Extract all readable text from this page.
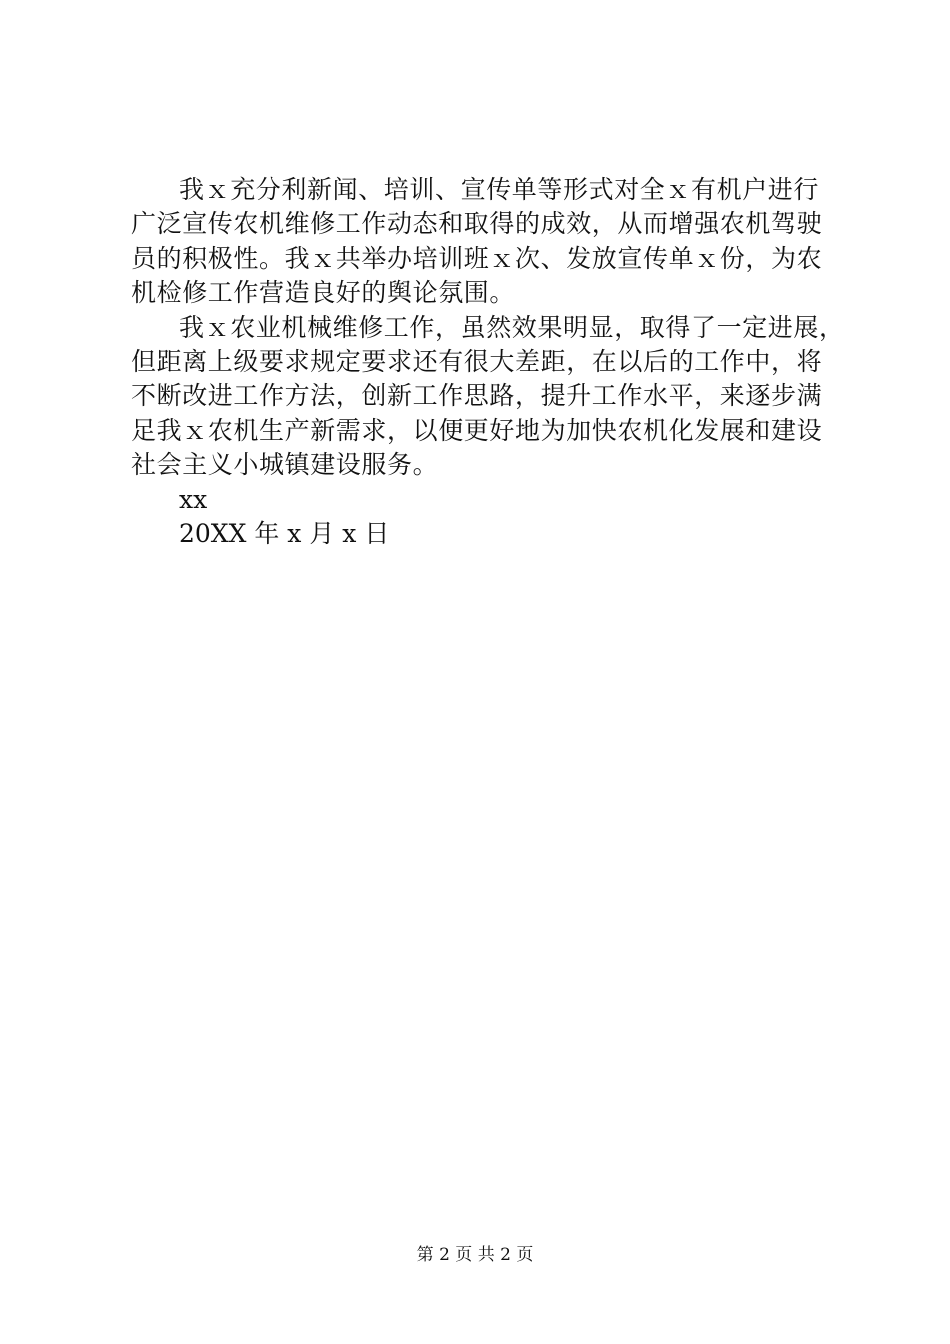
我ｘ充分利新闻、培训、宣传单等形式对全ｘ有机户进行
广泛宣传农机维修工作动态和取得的成效，从而增强农机驾驶
员的积极性。我ｘ共举办培训班ｘ次、发放宣传单ｘ份，为农
机检修工作营造良好的舆论氛围。
我ｘ农业机械维修工作，虽然效果明显，取得了一定进展，
但距离上级要求规定要求还有很大差距，在以后的工作中，将
不断改进工作方法，创新工作思路，提升工作水平，来逐步满
足我ｘ农机生产新需求，以便更好地为加快农机化发展和建设
社会主义小城镇建设服务。
xx
20XX 年 x 月 x 日
第 2 页 共 2 页
